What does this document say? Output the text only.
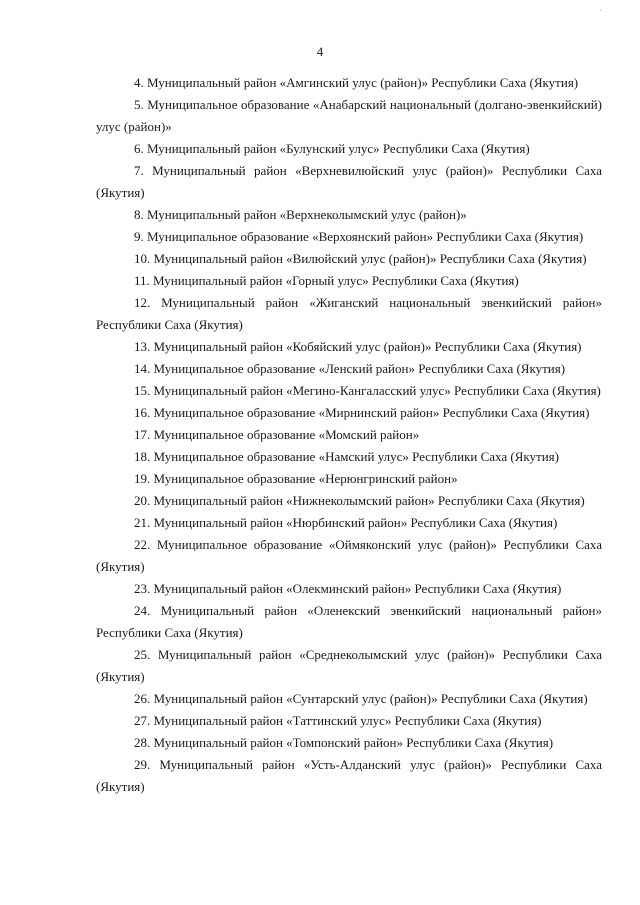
·
4

4. Муниципальный район «Амгинский улус (район)» Республики Саха (Якутия)

5. Муниципальное образование «Анабарский национальный (долгано-эвенкийский) улус (район)»

6. Муниципальный район «Булунский улус» Республики Саха (Якутия)

7. Муниципальный район «Верхневилюйский улус (район)» Республики Саха (Якутия)

8. Муниципальный район «Верхнеколымский улус (район)»

9. Муниципальное образование «Верхоянский район» Республики Саха (Якутия)

10. Муниципальный район «Вилюйский улус (район)» Республики Саха (Якутия)

11. Муниципальный район «Горный улус» Республики Саха (Якутия)

12. Муниципальный район «Жиганский национальный эвенкийский район» Республики Саха (Якутия)

13. Муниципальный район «Кобяйский улус (район)» Республики Саха (Якутия)

14. Муниципальное образование «Ленский район» Республики Саха (Якутия)

15. Муниципальный район «Мегино-Кангаласский улус» Республики Саха (Якутия)

16. Муниципальное образование «Мирнинский район» Республики Саха (Якутия)

17. Муниципальное образование «Момский район»

18. Муниципальное образование «Намский улус» Республики Саха (Якутия)

19. Муниципальное образование «Нерюнгринский район»

20. Муниципальный район «Нижнеколымский район» Республики Саха (Якутия)

21. Муниципальный район «Нюрбинский район» Республики Саха (Якутия)

22. Муниципальное образование «Оймяконский улус (район)» Республики Саха (Якутия)

23. Муниципальный район «Олекминский район» Республики Саха (Якутия)

24. Муниципальный район «Оленекский эвенкийский национальный район» Республики Саха (Якутия)

25. Муниципальный район «Среднеколымский улус (район)» Республики Саха (Якутия)

26. Муниципальный район «Сунтарский улус (район)» Республики Саха (Якутия)

27. Муниципальный район «Таттинский улус» Республики Саха (Якутия)

28. Муниципальный район «Томпонский район» Республики Саха (Якутия)

29. Муниципальный район «Усть-Алданский улус (район)» Республики Саха (Якутия)
